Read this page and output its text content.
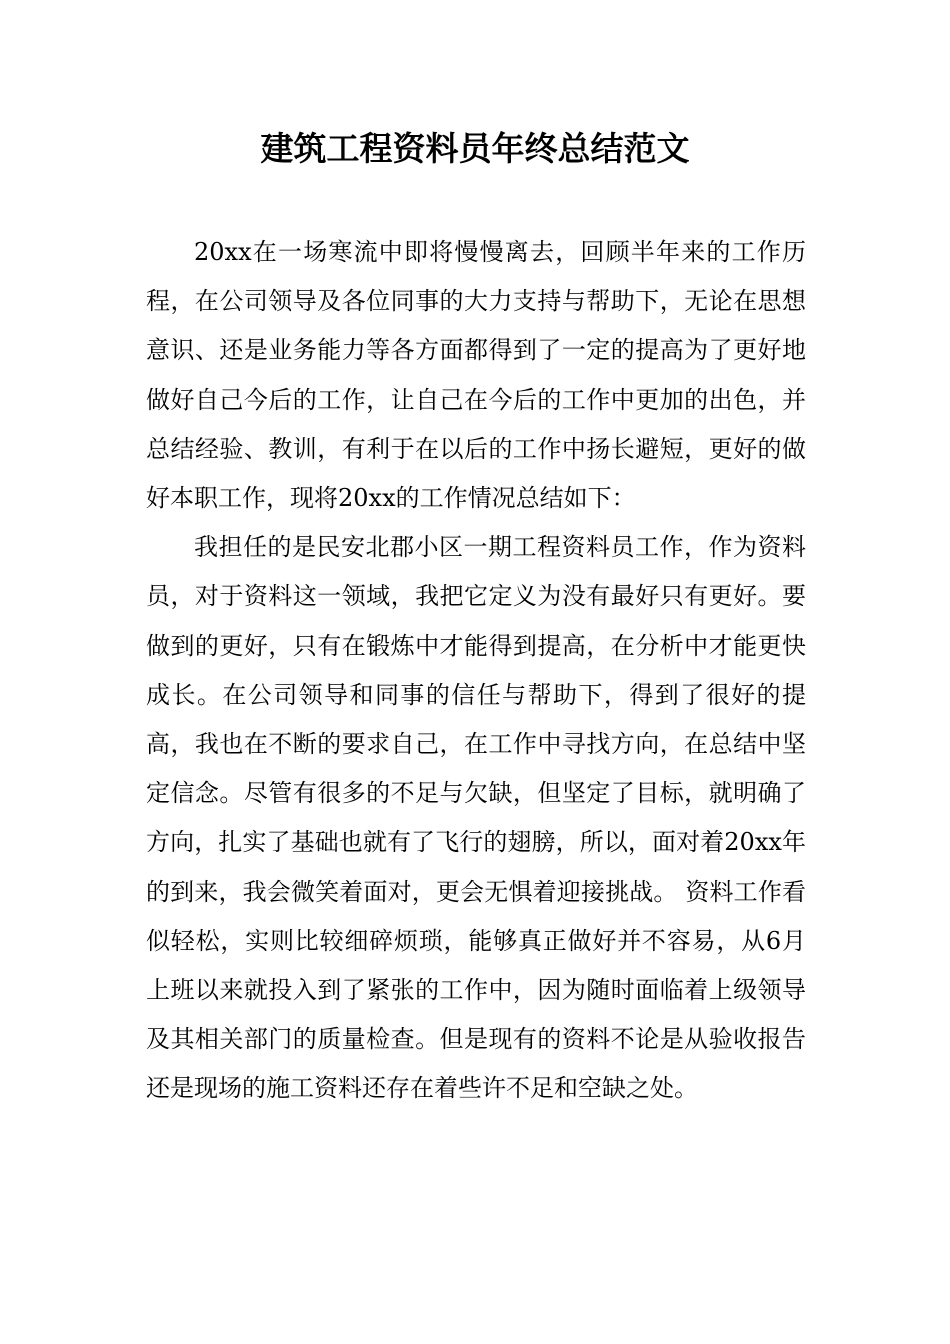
建筑工程资料员年终总结范文

20xx在一场寒流中即将慢慢离去，回顾半年来的工作历程，在公司领导及各位同事的大力支持与帮助下，无论在思想意识、还是业务能力等各方面都得到了一定的提高为了更好地做好自己今后的工作，让自己在今后的工作中更加的出色，并总结经验、教训，有利于在以后的工作中扬长避短，更好的做好本职工作，现将20xx的工作情况总结如下：

我担任的是民安北郡小区一期工程资料员工作，作为资料员，对于资料这一领域，我把它定义为没有最好只有更好。要做到的更好，只有在锻炼中才能得到提高，在分析中才能更快成长。在公司领导和同事的信任与帮助下，得到了很好的提高，我也在不断的要求自己，在工作中寻找方向，在总结中坚定信念。尽管有很多的不足与欠缺，但坚定了目标，就明确了方向，扎实了基础也就有了飞行的翅膀，所以，面对着20xx年的到来，我会微笑着面对，更会无惧着迎接挑战。 资料工作看似轻松，实则比较细碎烦琐，能够真正做好并不容易，从6月上班以来就投入到了紧张的工作中，因为随时面临着上级领导及其相关部门的质量检查。但是现有的资料不论是从验收报告还是现场的施工资料还存在着些许不足和空缺之处。
